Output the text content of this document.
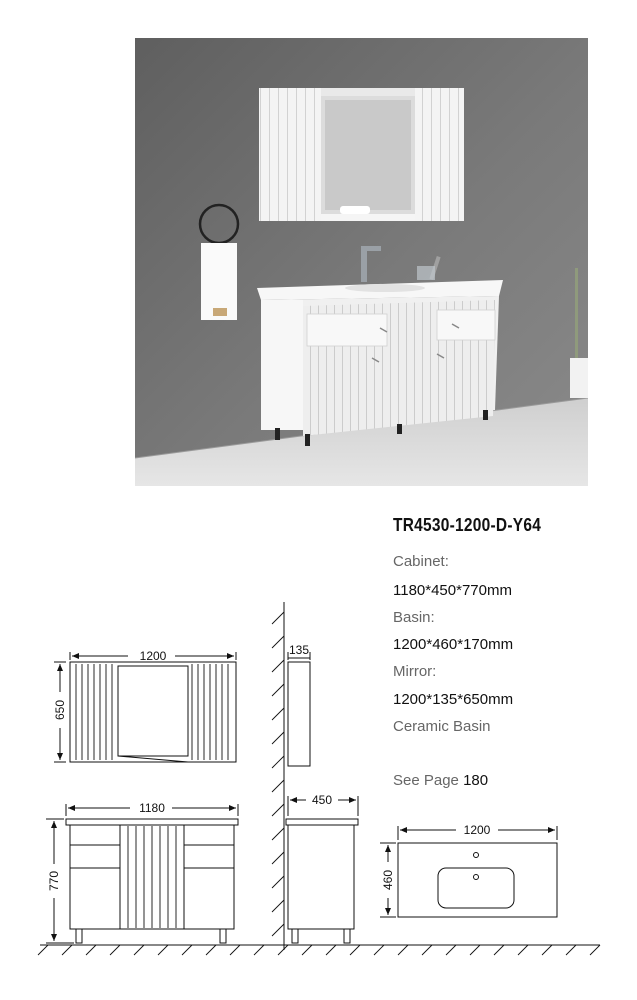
TR4530-1200-D-Y64
Cabinet:
1180*450*770mm
Basin:
1200*460*170mm
Mirror:
1200*135*650mm
Ceramic Basin
See Page 180
1200
650
135
1180
770
450
1200
460
